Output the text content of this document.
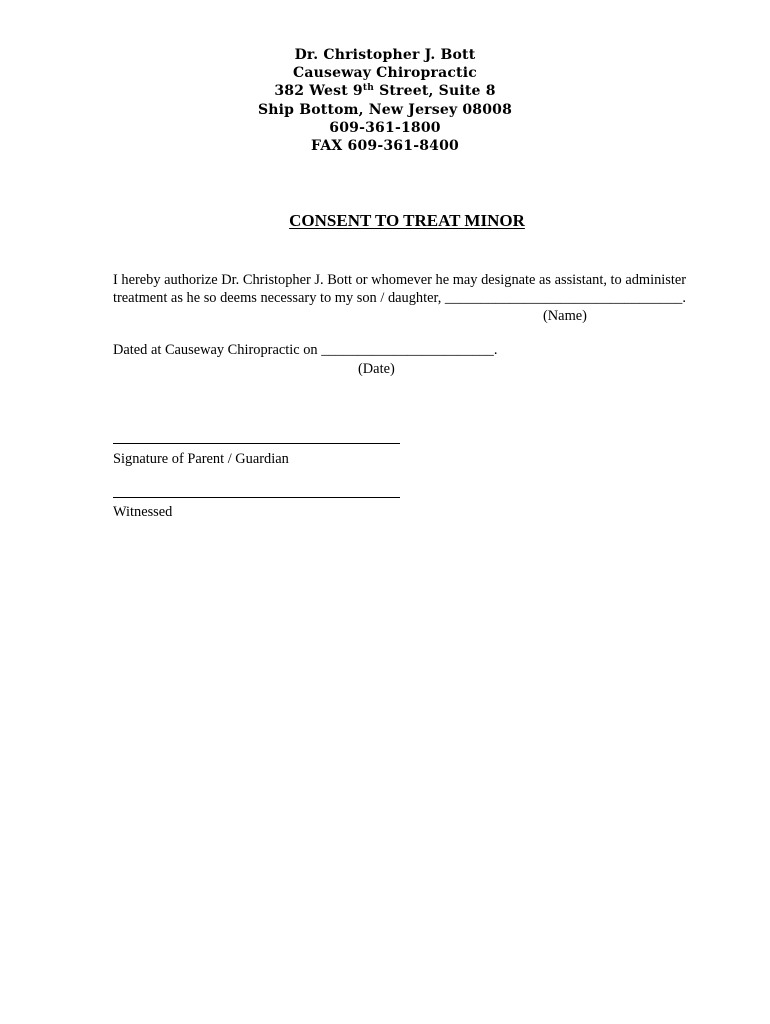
Dr. Christopher J. Bott
Causeway Chiropractic
382 West 9th Street, Suite 8
Ship Bottom, New Jersey 08008
609-361-1800
FAX 609-361-8400
CONSENT TO TREAT MINOR
I hereby authorize Dr. Christopher J. Bott or whomever he may designate as assistant, to administer
treatment as he so deems necessary to my son / daughter, _________________________________.
(Name)
Dated at Causeway Chiropractic on ________________________.
(Date)
Signature of Parent / Guardian
Witnessed
